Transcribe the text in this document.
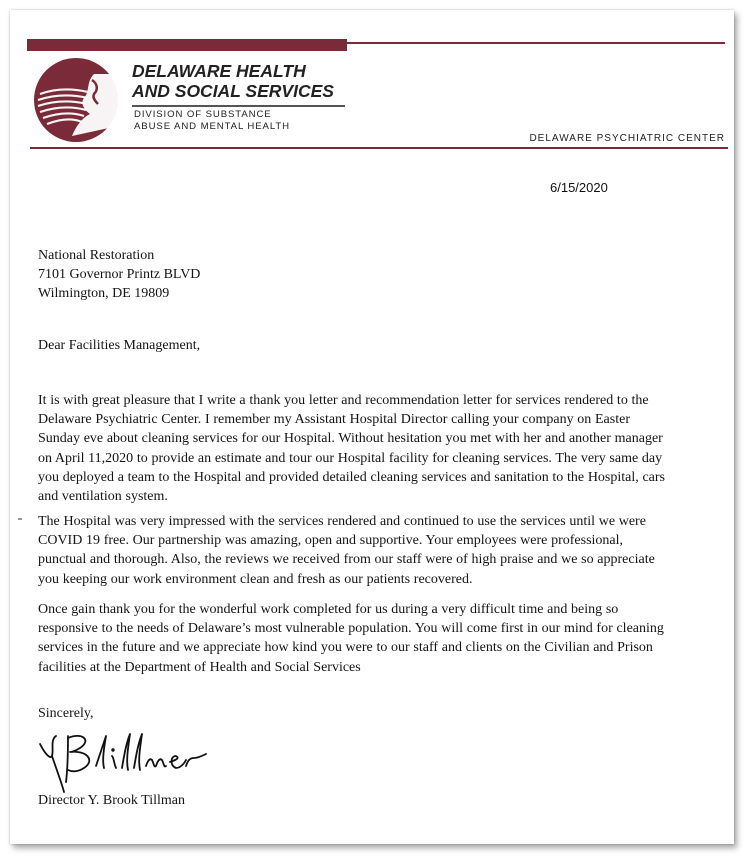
DELAWARE HEALTH
AND SOCIAL SERVICES
DIVISION OF SUBSTANCE
ABUSE AND MENTAL HEALTH
DELAWARE PSYCHIATRIC CENTER
6/15/2020
National Restoration
7101 Governor Printz BLVD
Wilmington, DE 19809
Dear Facilities Management,
It is with great pleasure that I write a thank you letter and recommendation letter for services rendered to the
Delaware Psychiatric Center. I remember my Assistant Hospital Director calling your company on Easter
Sunday eve about cleaning services for our Hospital. Without hesitation you met with her and another manager
on April 11,2020 to provide an estimate and tour our Hospital facility for cleaning services. The very same day
you deployed a team to the Hospital and provided detailed cleaning services and sanitation to the Hospital, cars
and ventilation system.
The Hospital was very impressed with the services rendered and continued to use the services until we were
COVID 19 free. Our partnership was amazing, open and supportive. Your employees were professional,
punctual and thorough. Also, the reviews we received from our staff were of high praise and we so appreciate
you keeping our work environment clean and fresh as our patients recovered.
Once gain thank you for the wonderful work completed for us during a very difficult time and being so
responsive to the needs of Delaware’s most vulnerable population. You will come first in our mind for cleaning
services in the future and we appreciate how kind you were to our staff and clients on the Civilian and Prison
facilities at the Department of Health and Social Services
Sincerely,
Director Y. Brook Tillman
